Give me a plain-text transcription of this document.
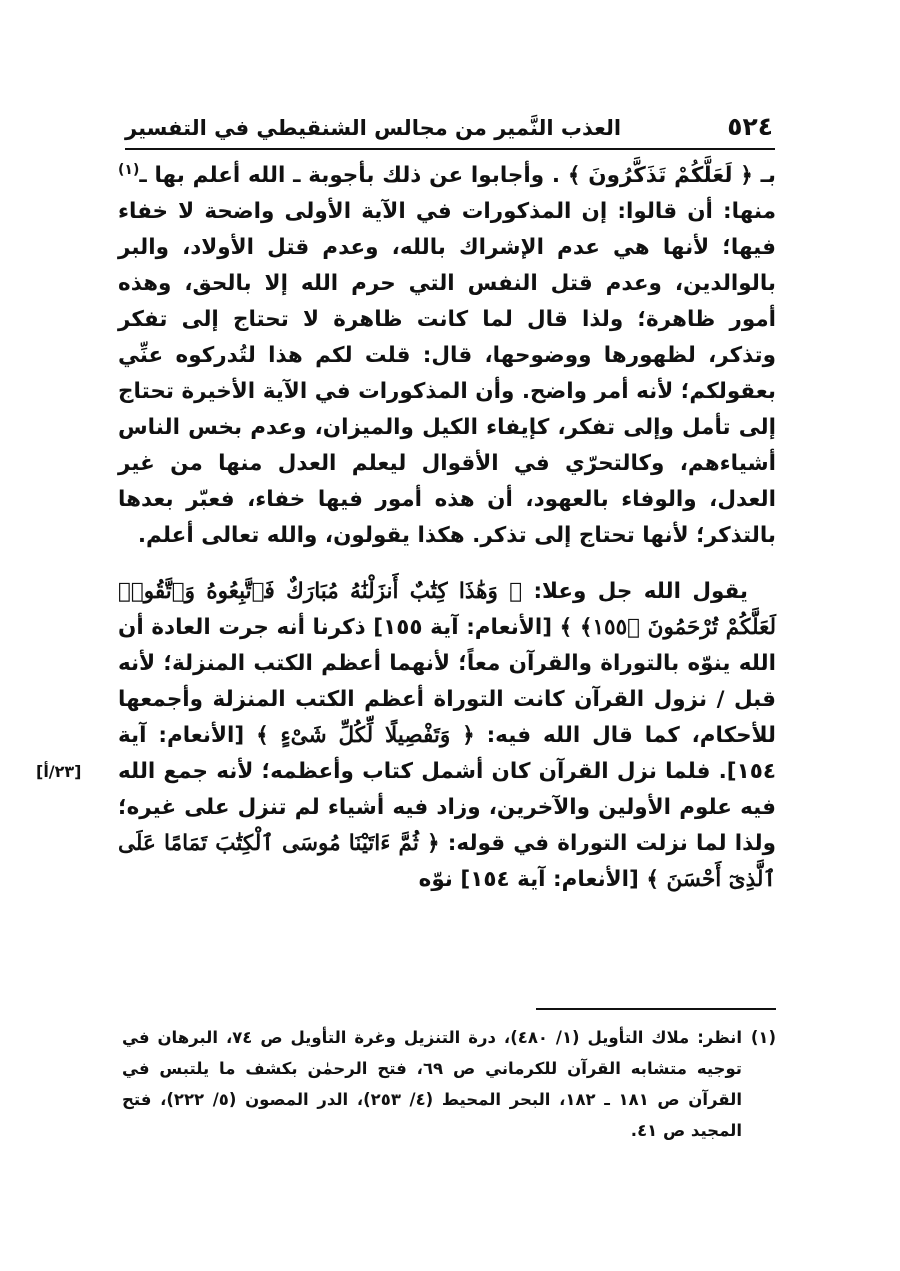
٥٢٤
العذب النَّمير من مجالس الشنقيطي في التفسير

بـ ﴿ لَعَلَّكُمْ تَذَكَّرُونَ ﴾ . وأجابوا عن ذلك بأجوبة ـ الله أعلم بها ـ$^{(١)}$ منها: أن قالوا: إن المذكورات في الآية الأولى واضحة لا خفاء فيها؛ لأنها هي عدم الإشراك بالله، وعدم قتل الأولاد، والبر بالوالدين، وعدم قتل النفس التي حرم الله إلا بالحق، وهذه أمور ظاهرة؛ ولذا قال لما كانت ظاهرة لا تحتاج إلى تفكر وتذكر، لظهورها ووضوحها، قال: قلت لكم هذا لتُدركوه عنِّي بعقولكم؛ لأنه أمر واضح. وأن المذكورات في الآية الأخيرة تحتاج إلى تأمل وإلى تفكر، كإيفاء الكيل والميزان، وعدم بخس الناس أشياءهم، وكالتحرّي في الأقوال ليعلم العدل منها من غير العدل، والوفاء بالعهود، أن هذه أمور فيها خفاء، فعبّر بعدها بالتذكر؛ لأنها تحتاج إلى تذكر. هكذا يقولون، والله تعالى أعلم.

يقول الله جل وعلا: ﴿ وَهَٰذَا كِتَٰبٌ أَنزَلْنَٰهُ مُبَارَكٌ فَٱتَّبِعُوهُ وَٱتَّقُوا۟ لَعَلَّكُمْ تُرْحَمُونَ ﴿١٥٥﴾ ﴾ [الأنعام: آية ١٥٥] ذكرنا أنه جرت العادة أن الله ينوّه بالتوراة والقرآن معاً؛ لأنهما أعظم الكتب المنزلة؛ لأنه قبل / نزول القرآن كانت التوراة أعظم الكتب المنزلة وأجمعها للأحكام، كما قال الله فيه: ﴿ وَتَفْصِيلًا لِّكُلِّ شَىْءٍ ﴾ [الأنعام: آية ١٥٤]. فلما نزل القرآن كان أشمل كتاب وأعظمه؛ لأنه جمع الله فيه علوم الأولين والآخرين، وزاد فيه أشياء لم تنزل على غيره؛ ولذا لما نزلت التوراة في قوله: ﴿ ثُمَّ ءَاتَيْنَا مُوسَى ٱلْكِتَٰبَ تَمَامًا عَلَى ٱلَّذِىٓ أَحْسَنَ ﴾ [الأنعام: آية ١٥٤] نوّه

[٢٣/أ]
(١)
انظر: ملاك التأويل (١/ ٤٨٠)، درة التنزيل وغرة التأويل ص ٧٤، البرهان في توجيه متشابه القرآن للكرماني ص ٦٩، فتح الرحمٰن بكشف ما يلتبس في القرآن ص ١٨١ ـ ١٨٢، البحر المحيط (٤/ ٢٥٣)، الدر المصون (٥/ ٢٢٢)، فتح المجيد ص ٤١.
